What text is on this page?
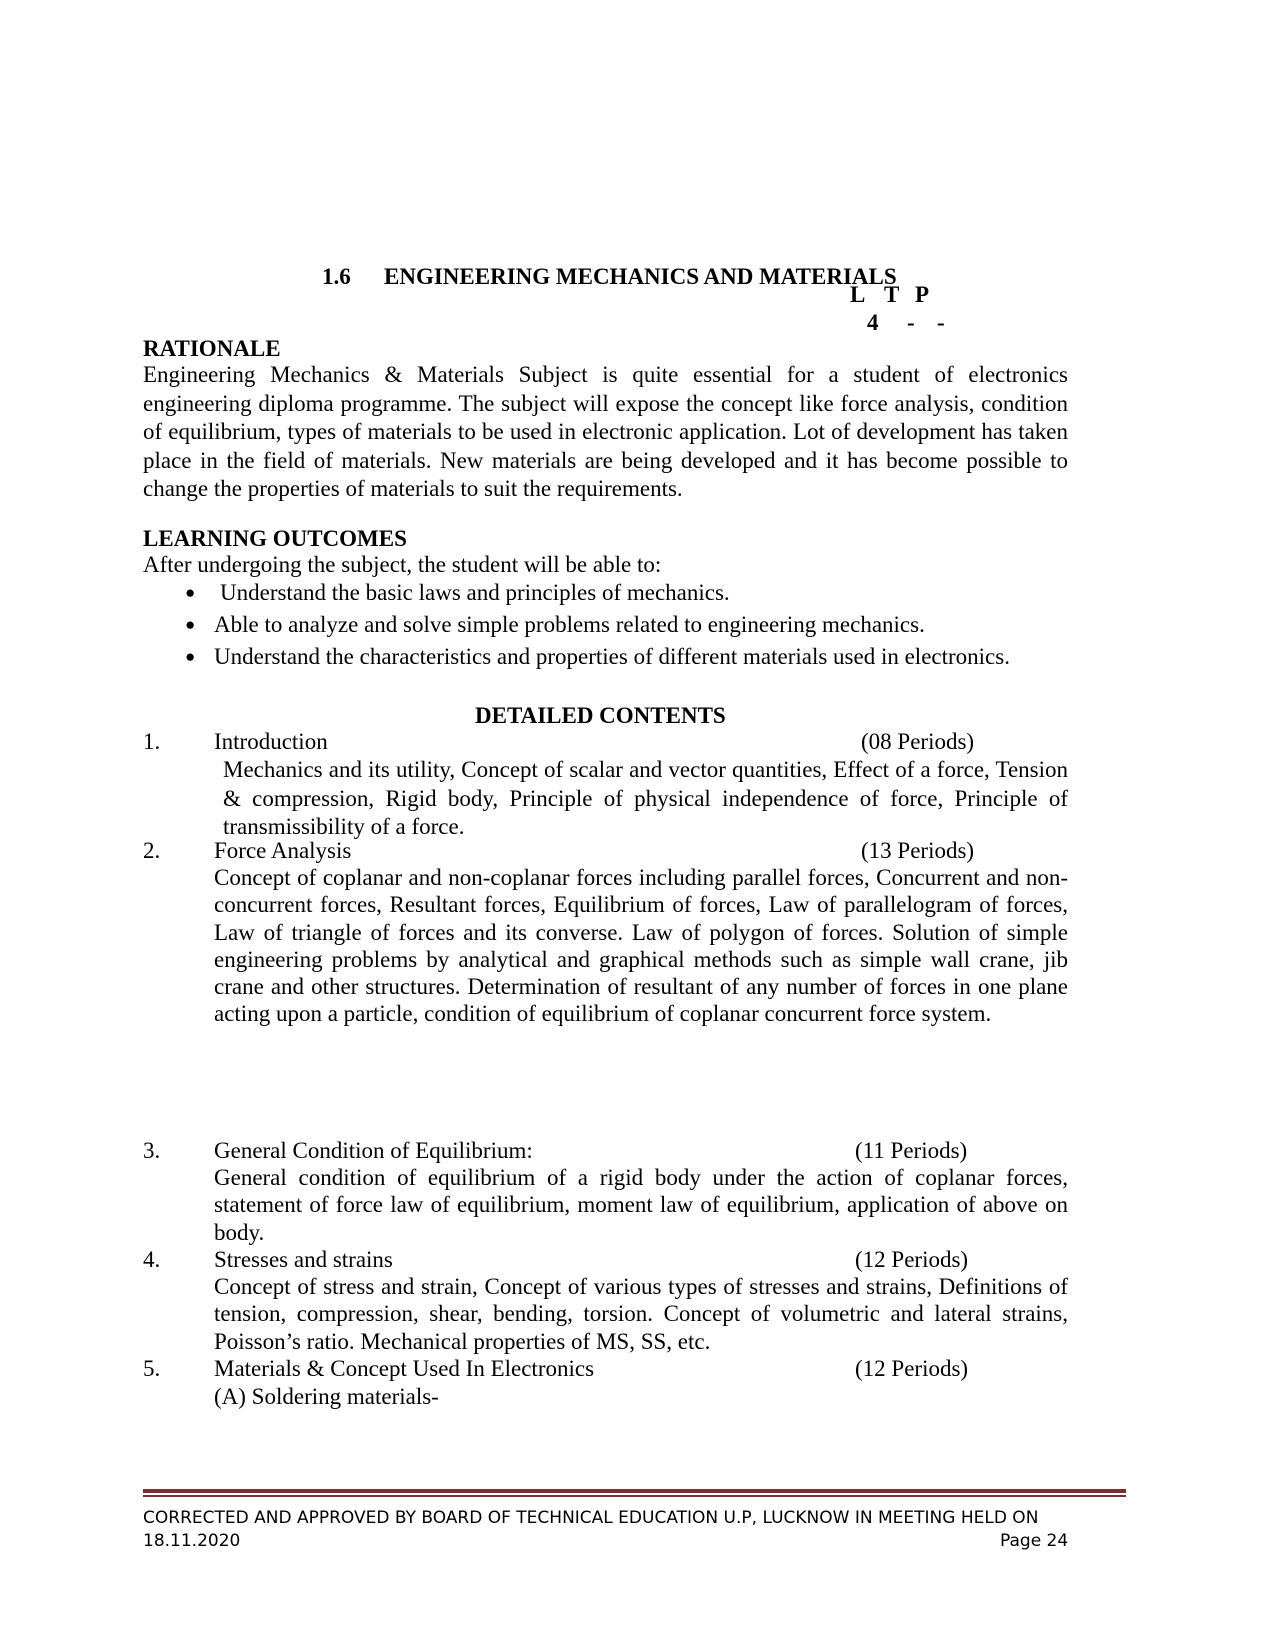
1.6 ENGINEERING MECHANICS AND MATERIALS
L T P
4 - -
RATIONALE
Engineering Mechanics & Materials Subject is quite essential for a student of electronics engineering diploma programme. The subject will expose the concept like force analysis, condition of equilibrium, types of materials to be used in electronic application. Lot of development has taken place in the field of materials. New materials are being developed and it has become possible to change the properties of materials to suit the requirements.
LEARNING OUTCOMES
After undergoing the subject, the student will be able to:
● Understand the basic laws and principles of mechanics.
● Able to analyze and solve simple problems related to engineering mechanics.
● Understand the characteristics and properties of different materials used in electronics.
DETAILED CONTENTS
1. Introduction	(08 Periods)
Mechanics and its utility, Concept of scalar and vector quantities, Effect of a force, Tension & compression, Rigid body, Principle of physical independence of force, Principle of transmissibility of a force.
2. Force Analysis	(13 Periods)
Concept of coplanar and non-coplanar forces including parallel forces, Concurrent and non-concurrent forces, Resultant forces, Equilibrium of forces, Law of parallelogram of forces, Law of triangle of forces and its converse. Law of polygon of forces. Solution of simple engineering problems by analytical and graphical methods such as simple wall crane, jib crane and other structures. Determination of resultant of any number of forces in one plane acting upon a particle, condition of equilibrium of coplanar concurrent force system.
3. General Condition of Equilibrium:	(11 Periods)
General condition of equilibrium of a rigid body under the action of coplanar forces, statement of force law of equilibrium, moment law of equilibrium, application of above on body.
4. Stresses and strains	(12 Periods)
Concept of stress and strain, Concept of various types of stresses and strains, Definitions of tension, compression, shear, bending, torsion. Concept of volumetric and lateral strains, Poisson’s ratio. Mechanical properties of MS, SS, etc.
5. Materials & Concept Used In Electronics	(12 Periods)
(A) Soldering materials-
CORRECTED AND APPROVED BY BOARD OF TECHNICAL EDUCATION U.P, LUCKNOW IN MEETING HELD ON
18.11.2020	Page 24
